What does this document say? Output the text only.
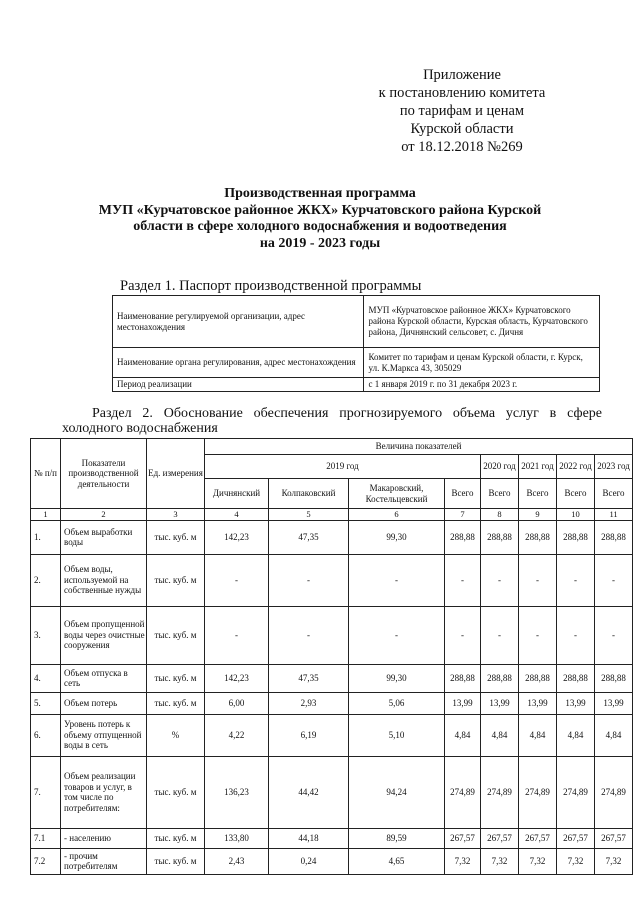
Приложение
к постановлению комитета
по тарифам и ценам
Курской области
от 18.12.2018 №269
Производственная программа
МУП «Курчатовское районное ЖКХ» Курчатовского района Курской
области в сфере холодного водоснабжения и водоотведения
на 2019 - 2023 годы
Раздел 1. Паспорт производственной программы
Наименование регулируемой организации, адрес местонахождения	МУП «Курчатовское районное ЖКХ» Курчатовского района Курской области, Курская область, Курчатовского района, Дичнянский сельсовет, с. Дичня
Наименование органа регулирования, адрес местонахождения	Комитет по тарифам и ценам Курской области, г. Курск, ул. К.Маркса 43, 305029
Период реализации	с 1 января 2019 г. по 31 декабря 2023 г.
Раздел 2. Обоснование обеспечения прогнозируемого объема услуг в сфере холодного водоснабжения
№ п/п	Показатели производственной деятельности	Ед. измерения	Величина показателей							
			2019 год				2020 год	2021 год	2022 год	2023 год
			Дичнянский	Колпаковский	Макаровский, Костельцевский	Всего	Всего	Всего	Всего	Всего
1	2	3	4	5	6	7	8	9	10	11
1.	Объем выработки воды	тыс. куб. м	142,23	47,35	99,30	288,88	288,88	288,88	288,88	288,88
2.	Объем воды, используемой на собственные нужды	тыс. куб. м	-	-	-	-	-	-	-	-
3.	Объем пропущенной воды через очистные сооружения	тыс. куб. м	-	-	-	-	-	-	-	-
4.	Объем отпуска в сеть	тыс. куб. м	142,23	47,35	99,30	288,88	288,88	288,88	288,88	288,88
5.	Объем потерь	тыс. куб. м	6,00	2,93	5,06	13,99	13,99	13,99	13,99	13,99
6.	Уровень потерь к объему отпущенной воды в сеть	%	4,22	6,19	5,10	4,84	4,84	4,84	4,84	4,84
7.	Объем реализации товаров и услуг, в том числе по потребителям:	тыс. куб. м	136,23	44,42	94,24	274,89	274,89	274,89	274,89	274,89
7.1	- населению	тыс. куб. м	133,80	44,18	89,59	267,57	267,57	267,57	267,57	267,57
7.2	- прочим потребителям	тыс. куб. м	2,43	0,24	4,65	7,32	7,32	7,32	7,32	7,32
